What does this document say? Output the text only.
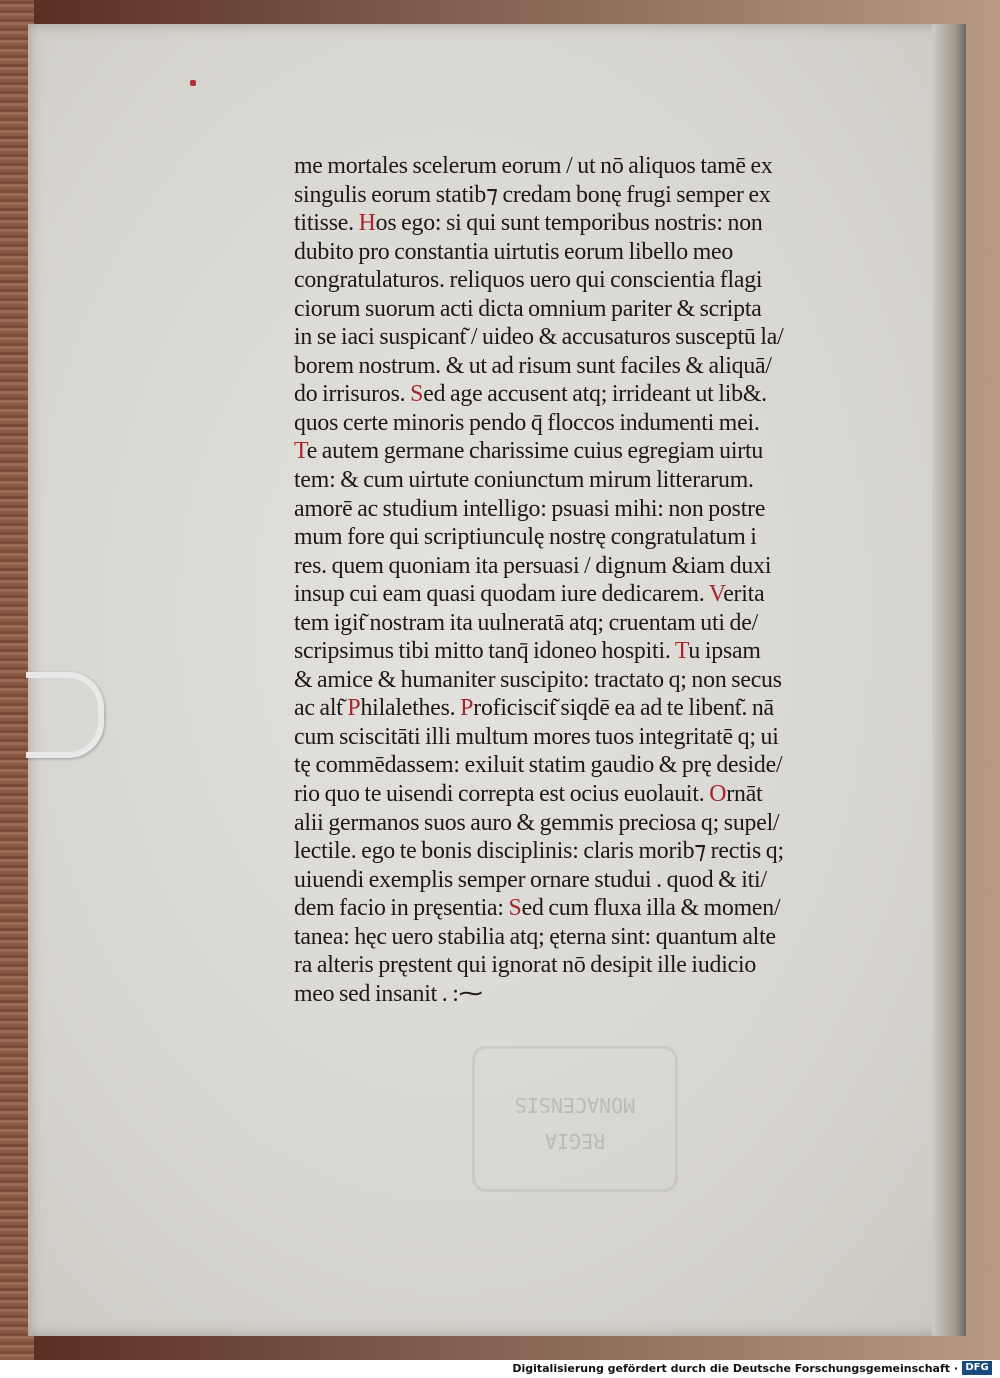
REGIA MONACENSIS
me mortales scelerum eorum / ut nō aliquos tamē ex
singulis eorum statib⁊ credam bonę frugi semper ex
titisse. Hos ego: si qui sunt temporibus nostris: non
dubito pro constantia uirtutis eorum libello meo
congratulaturos. reliquos uero qui conscientia flagi
ciorum suorum acti dicta omnium pariter & scripta
in se iaci suspicant͂ / uideo & accusaturos susceptū la/
borem nostrum. & ut ad risum sunt faciles & aliquā/
do irrisuros. Sed age accusent atq; irrideant ut lib&.
quos certe minoris pendo q̄ floccos indumenti mei.
Te autem germane charissime cuius egregiam uirtu
tem: & cum uirtute coniunctum mirum litterarum.
amorē ac studium intelligo: psuasi mihi: non postre
mum fore qui scriptiunculę nostrę congratulatum i
res. quem quoniam ita persuasi / dignum &iam duxi
insup cui eam quasi quodam iure dedicarem. Verita
tem igit͂ nostram ita uulneratā atq; cruentam uti de/
scripsimus tibi mitto tanq̄ idoneo hospiti. Tu ipsam
& amice & humaniter suscipito: tractato q; non secus
ac alt͂ Philalethes. Proficiscit͂ siqdē ea ad te libent͂. nā
cum sciscitāti illi multum mores tuos integritatē q; ui
tę commēdassem: exiluit statim gaudio & prę deside/
rio quo te uisendi correpta est ocius euolauit. Ornāt
alii germanos suos auro & gemmis preciosa q; supel/
lectile. ego te bonis disciplinis: claris morib⁊ rectis q;
uiuendi exemplis semper ornare studui . quod & iti/
dem facio in pręsentia: Sed cum fluxa illa & momen/
tanea: hęc uero stabilia atq; ęterna sint: quantum alte
ra alteris pręstent qui ignorat nō desipit ille iudicio
meo sed insanit . :⁓
Digitalisierung gefördert durch die Deutsche Forschungsgemeinschaft · DFG
